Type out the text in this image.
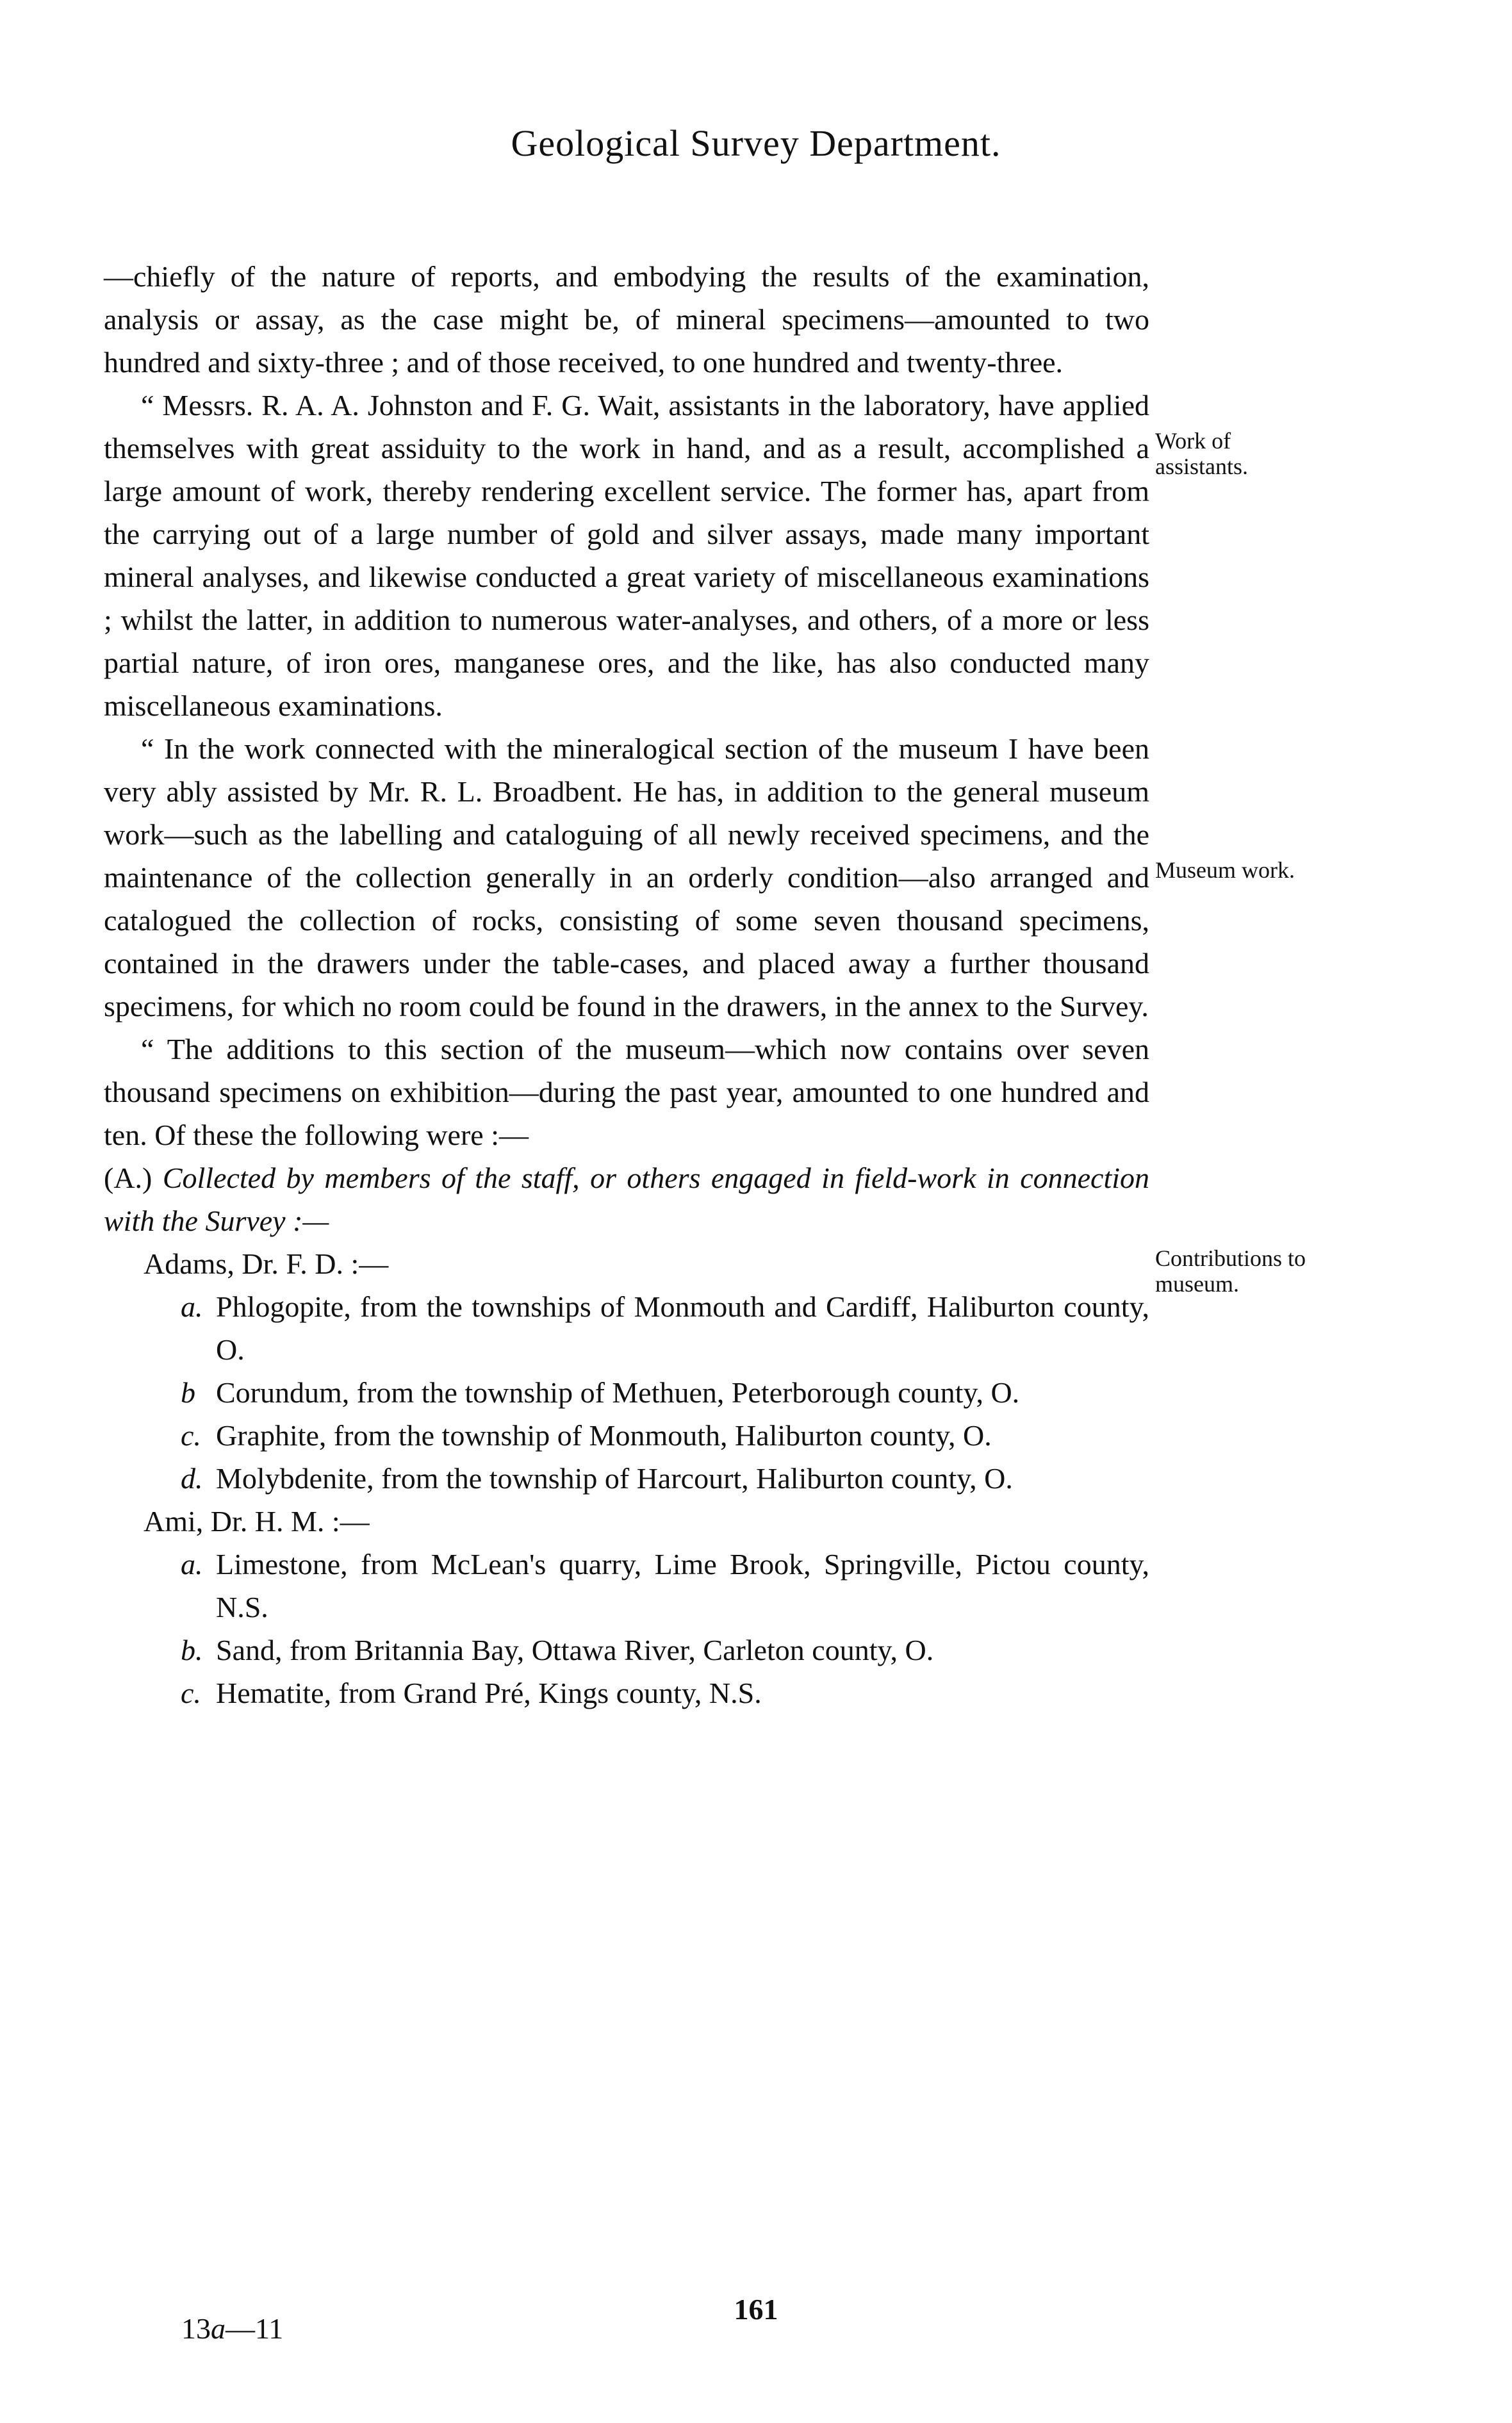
Geological Survey Department.

—chiefly of the nature of reports, and embodying the results of the examination, analysis or assay, as the case might be, of mineral specimens—amounted to two hundred and sixty-three ; and of those received, to one hundred and twenty-three.

“ Messrs. R. A. A. Johnston and F. G. Wait, assistants in the laboratory, have applied themselves with great assiduity to the work in hand, and as a result, accomplished a large amount of work, thereby rendering excellent service. The former has, apart from the carrying out of a large number of gold and silver assays, made many important mineral analyses, and likewise conducted a great variety of miscellaneous examinations ; whilst the latter, in addition to numerous water-analyses, and others, of a more or less partial nature, of iron ores, manganese ores, and the like, has also conducted many miscellaneous examinations.

“ In the work connected with the mineralogical section of the museum I have been very ably assisted by Mr. R. L. Broadbent. He has, in addition to the general museum work—such as the labelling and cataloguing of all newly received specimens, and the maintenance of the collection generally in an orderly condition—also arranged and catalogued the collection of rocks, consisting of some seven thousand specimens, contained in the drawers under the table-cases, and placed away a further thousand specimens, for which no room could be found in the drawers, in the annex to the Survey.

“ The additions to this section of the museum—which now contains over seven thousand specimens on exhibition—during the past year, amounted to one hundred and ten. Of these the following were :—

(A.) Collected by members of the staff, or others engaged in field-work in connection with the Survey :—

Adams, Dr. F. D. :—

a. Phlogopite, from the townships of Monmouth and Cardiff, Haliburton county, O.

b Corundum, from the township of Methuen, Peterborough county, O.

c. Graphite, from the township of Monmouth, Haliburton county, O.

d. Molybdenite, from the township of Harcourt, Haliburton county, O.

Ami, Dr. H. M. :—

a. Limestone, from McLean's quarry, Lime Brook, Springville, Pictou county, N.S.

b. Sand, from Britannia Bay, Ottawa River, Carleton county, O.

c. Hematite, from Grand Pré, Kings county, N.S.

Work of assistants.
Museum work.
Contributions to museum.
161
13a—11
